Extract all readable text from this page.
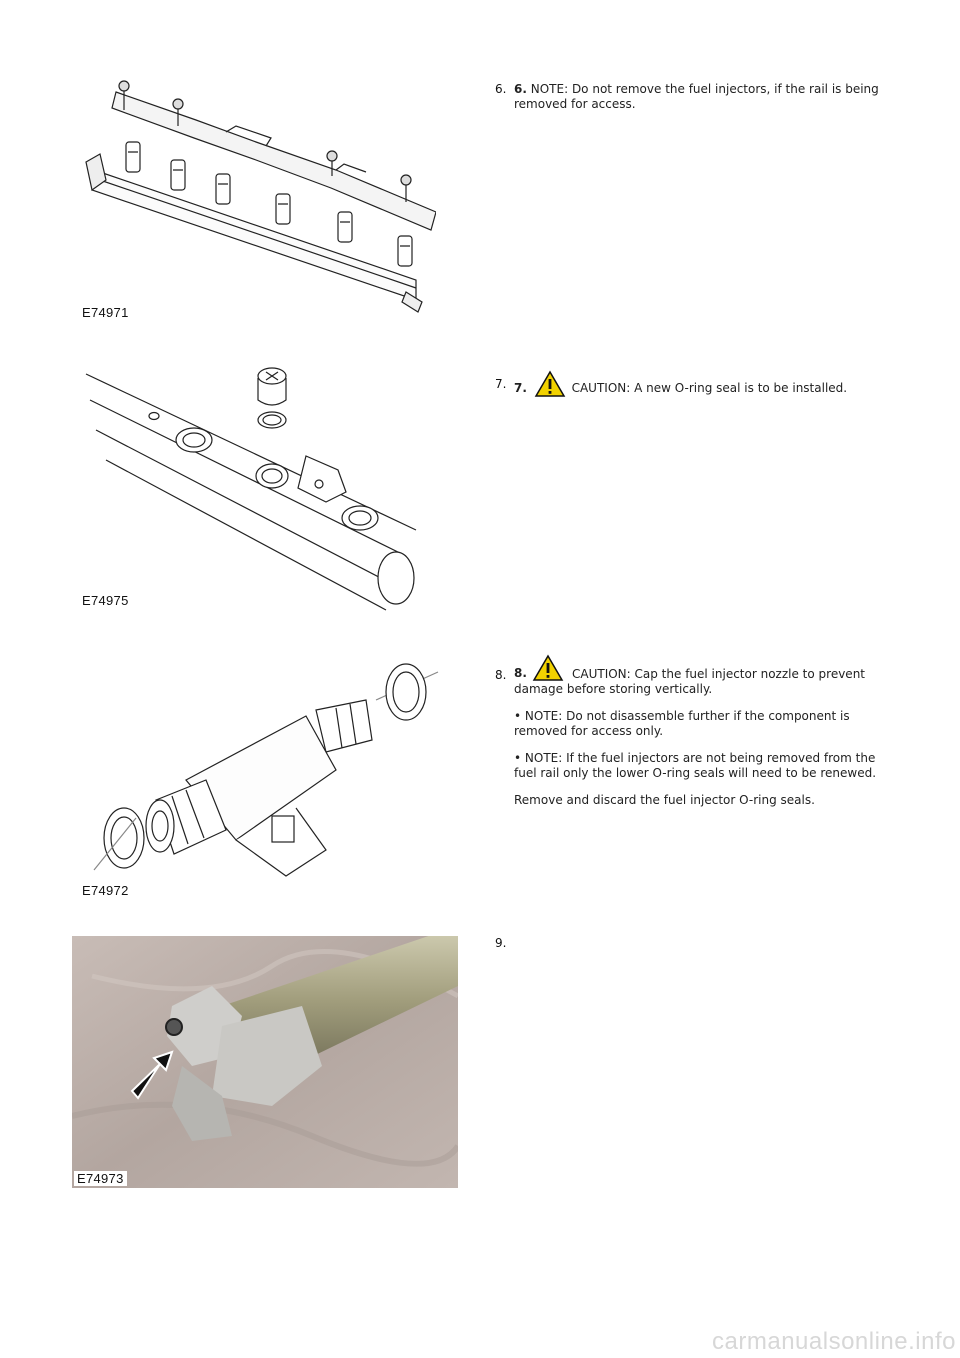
E74971
6. 6. NOTE: Do not remove the fuel injectors, if the rail is being removed for access.

E74975
7. 7.	CAUTION: A new O-ring seal is to be installed.

E74972
8. 8.	CAUTION: Cap the fuel injector nozzle to prevent damage before storing vertically.

• NOTE: Do not disassemble further if the component is removed for access only.

• NOTE: If the fuel injectors are not being removed from the fuel rail only the lower O-ring seals will need to be renewed.

Remove and discard the fuel injector O-ring seals.

E74973
9.
carmanualsonline.info
